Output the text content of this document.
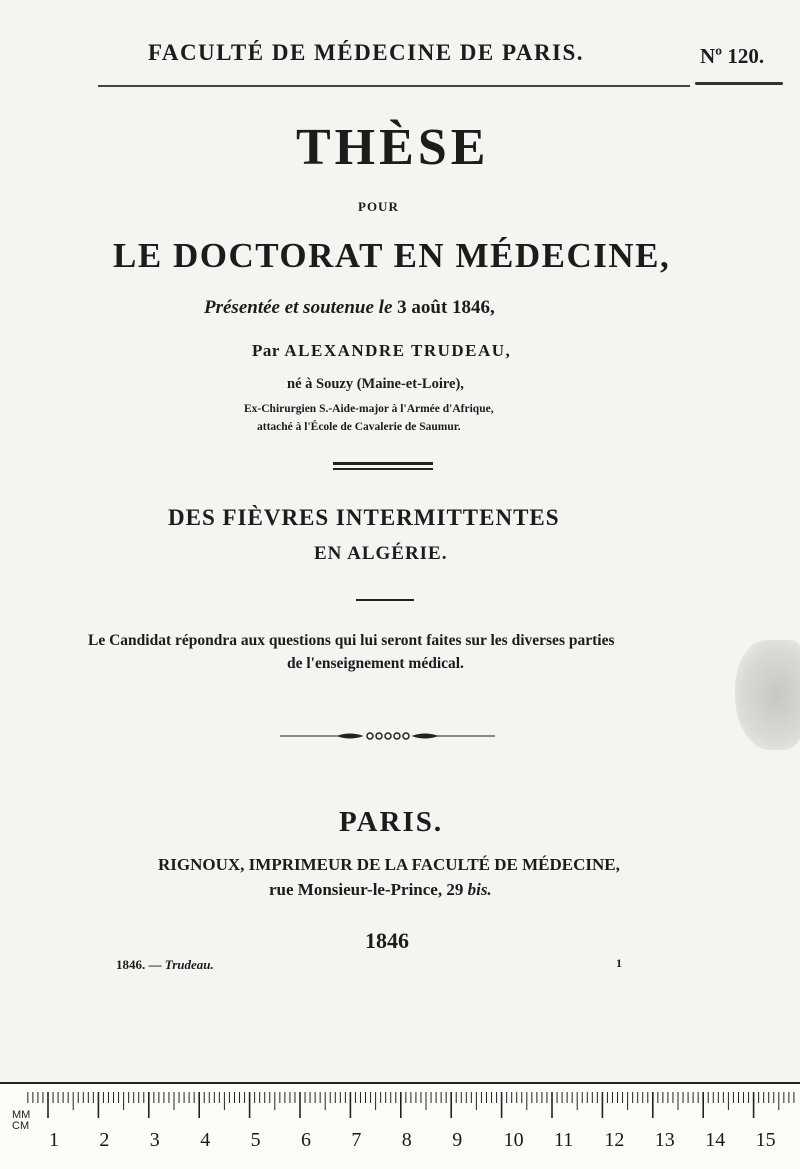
FACULTÉ DE MÉDECINE DE PARIS.	Nº 120.
THÈSE
POUR
LE DOCTORAT EN MÉDECINE,
Présentée et soutenue le 3 août 1846,
Par ALEXANDRE TRUDEAU,
né à Souzy (Maine-et-Loire),
Ex-Chirurgien S.-Aide-major à l'Armée d'Afrique,
attaché à l'École de Cavalerie de Saumur.
DES FIÈVRES INTERMITTENTES
EN ALGÉRIE.
Le Candidat répondra aux questions qui lui seront faites sur les diverses parties
de l'enseignement médical.
PARIS.
RIGNOUX, IMPRIMEUR DE LA FACULTÉ DE MÉDECINE,
rue Monsieur-le-Prince, 29 bis.
1846
1846. — Trudeau.	1
1 2 3 4 5 6 7 8 9 10 11 12 13 14 15
MM
CM
